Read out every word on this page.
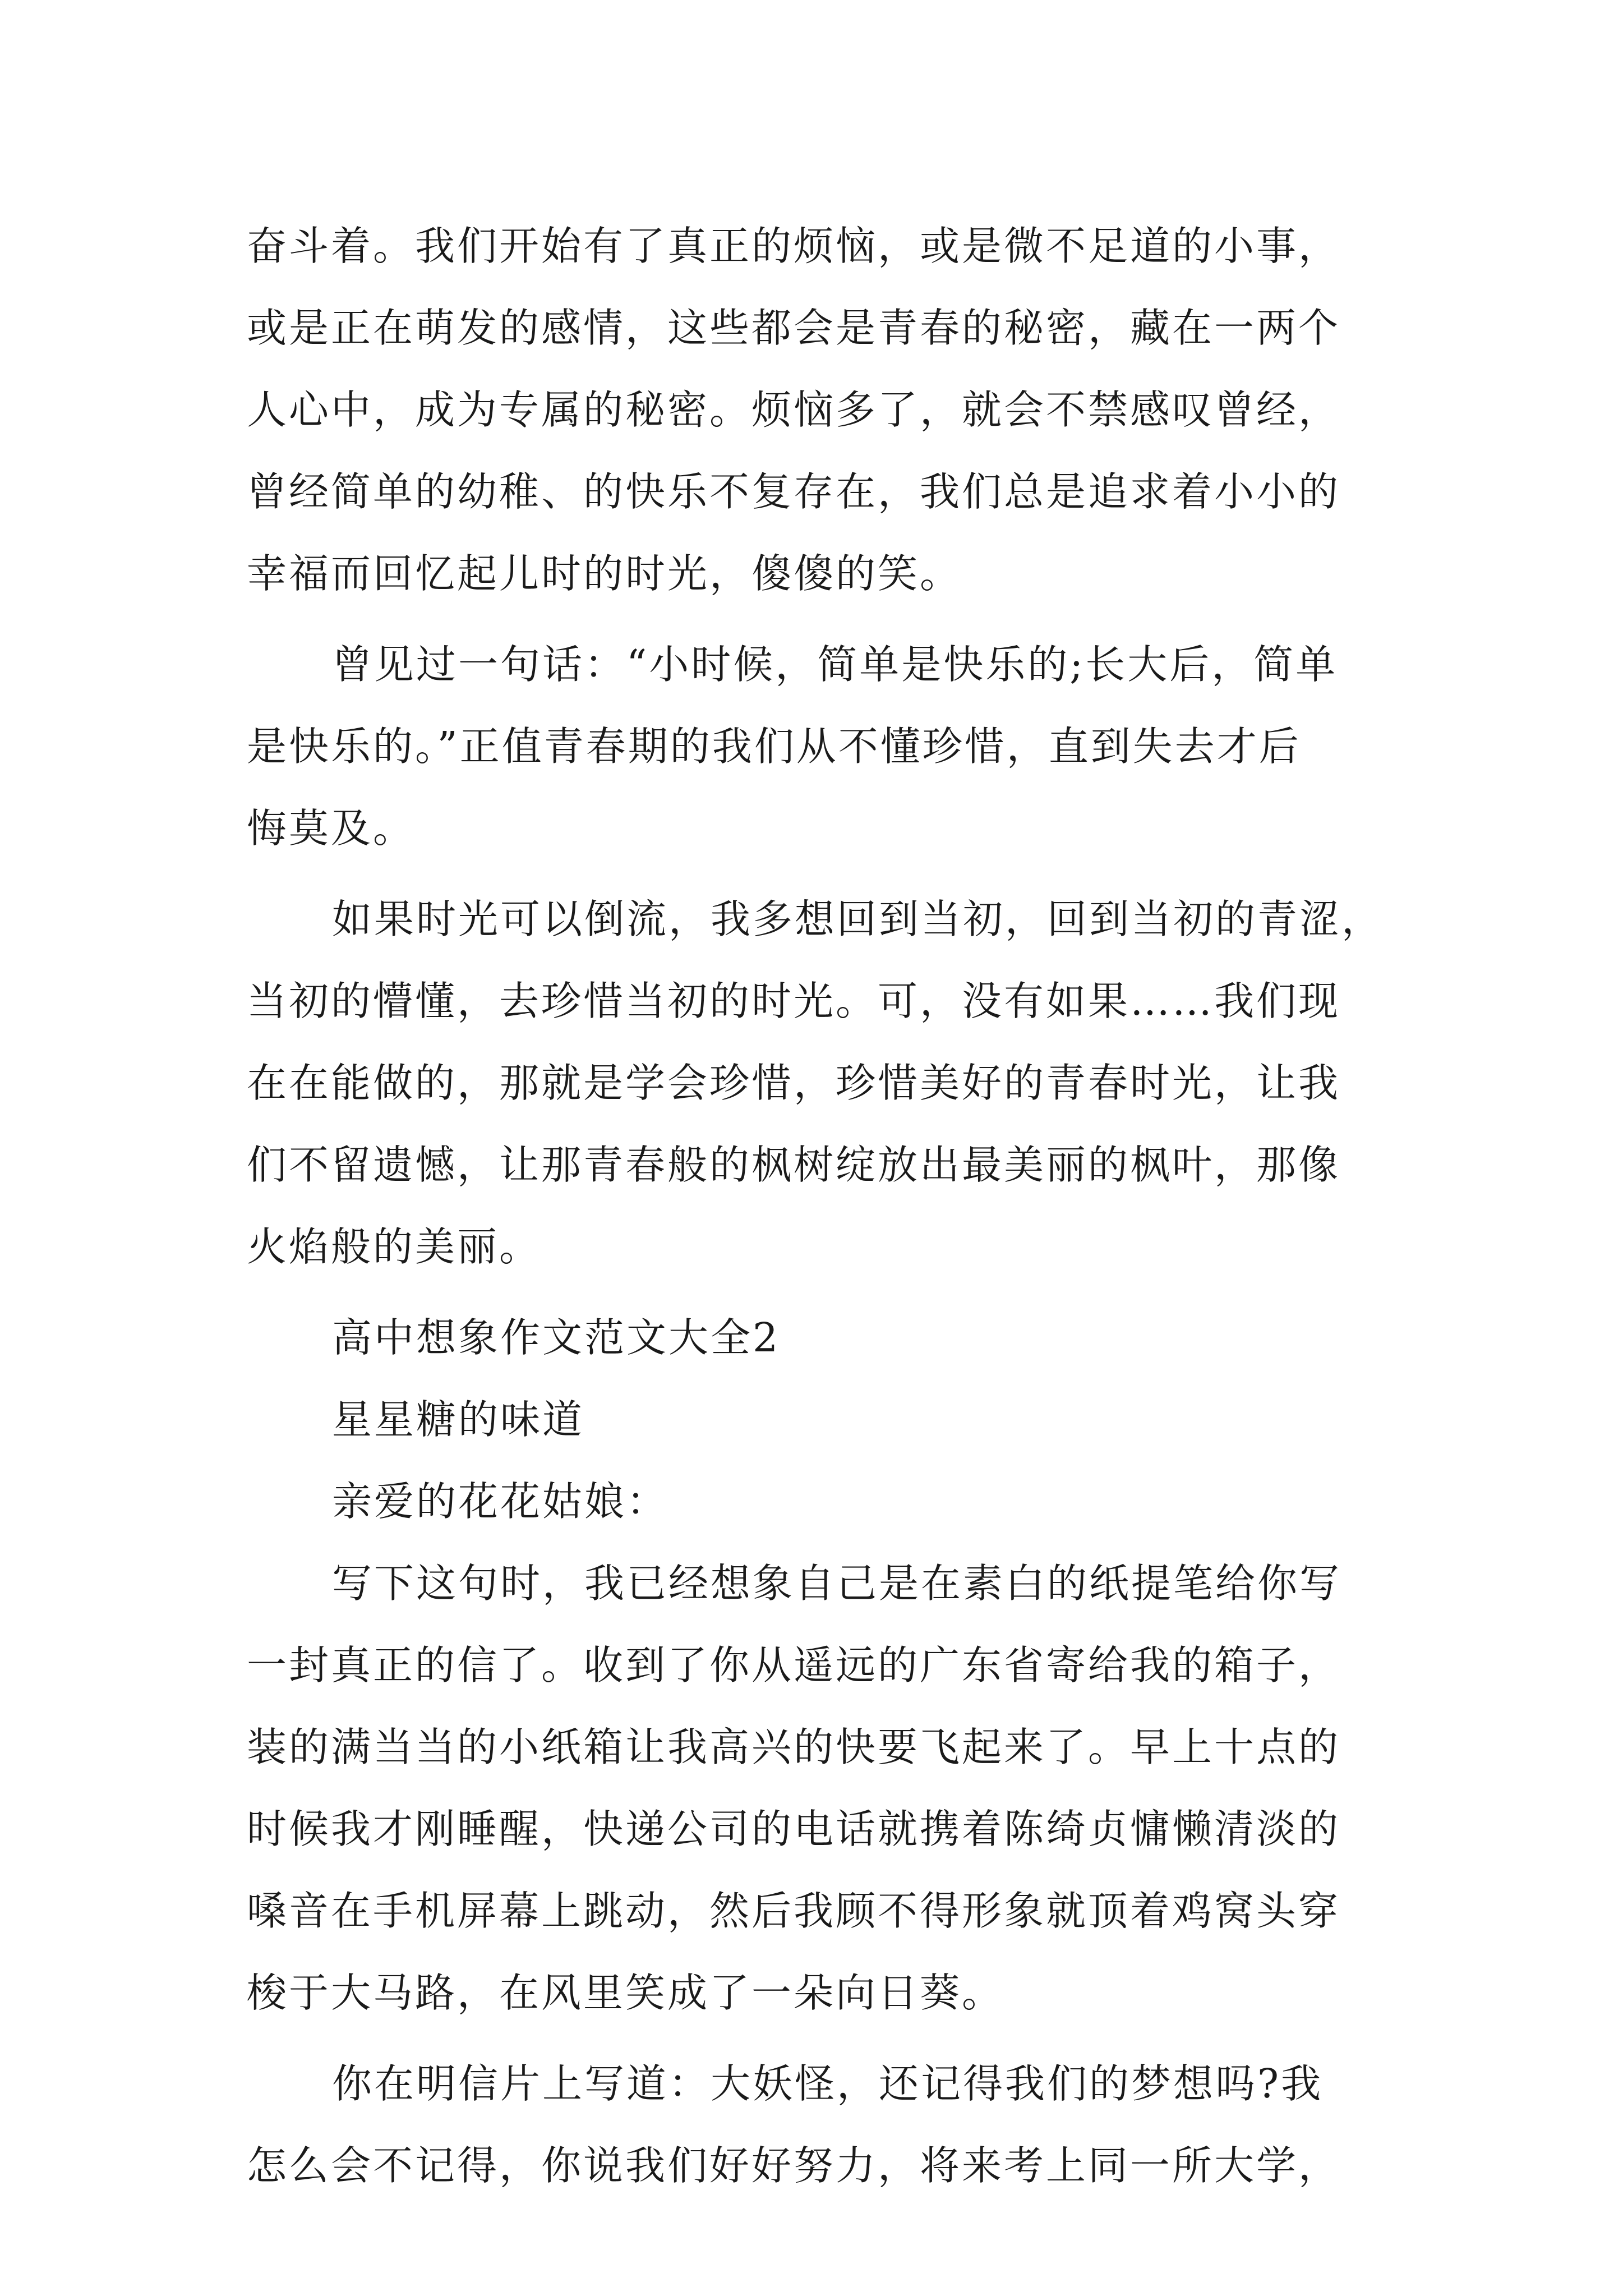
奋斗着。我们开始有了真正的烦恼，或是微不足道的小事，
或是正在萌发的感情，这些都会是青春的秘密，藏在一两个
人心中，成为专属的秘密。烦恼多了，就会不禁感叹曾经，
曾经简单的幼稚、的快乐不复存在，我们总是追求着小小的
幸福而回忆起儿时的时光，傻傻的笑。
曾见过一句话：“小时候，简单是快乐的;长大后，简单
是快乐的。”正值青春期的我们从不懂珍惜，直到失去才后
悔莫及。
如果时光可以倒流，我多想回到当初，回到当初的青涩，
当初的懵懂，去珍惜当初的时光。可，没有如果……我们现
在在能做的，那就是学会珍惜，珍惜美好的青春时光，让我
们不留遗憾，让那青春般的枫树绽放出最美丽的枫叶，那像
火焰般的美丽。
高中想象作文范文大全2
星星糖的味道
亲爱的花花姑娘：
写下这句时，我已经想象自己是在素白的纸提笔给你写
一封真正的信了。收到了你从遥远的广东省寄给我的箱子，
装的满当当的小纸箱让我高兴的快要飞起来了。早上十点的
时候我才刚睡醒，快递公司的电话就携着陈绮贞慵懒清淡的
嗓音在手机屏幕上跳动，然后我顾不得形象就顶着鸡窝头穿
梭于大马路，在风里笑成了一朵向日葵。
你在明信片上写道：大妖怪，还记得我们的梦想吗?我
怎么会不记得，你说我们好好努力，将来考上同一所大学，
